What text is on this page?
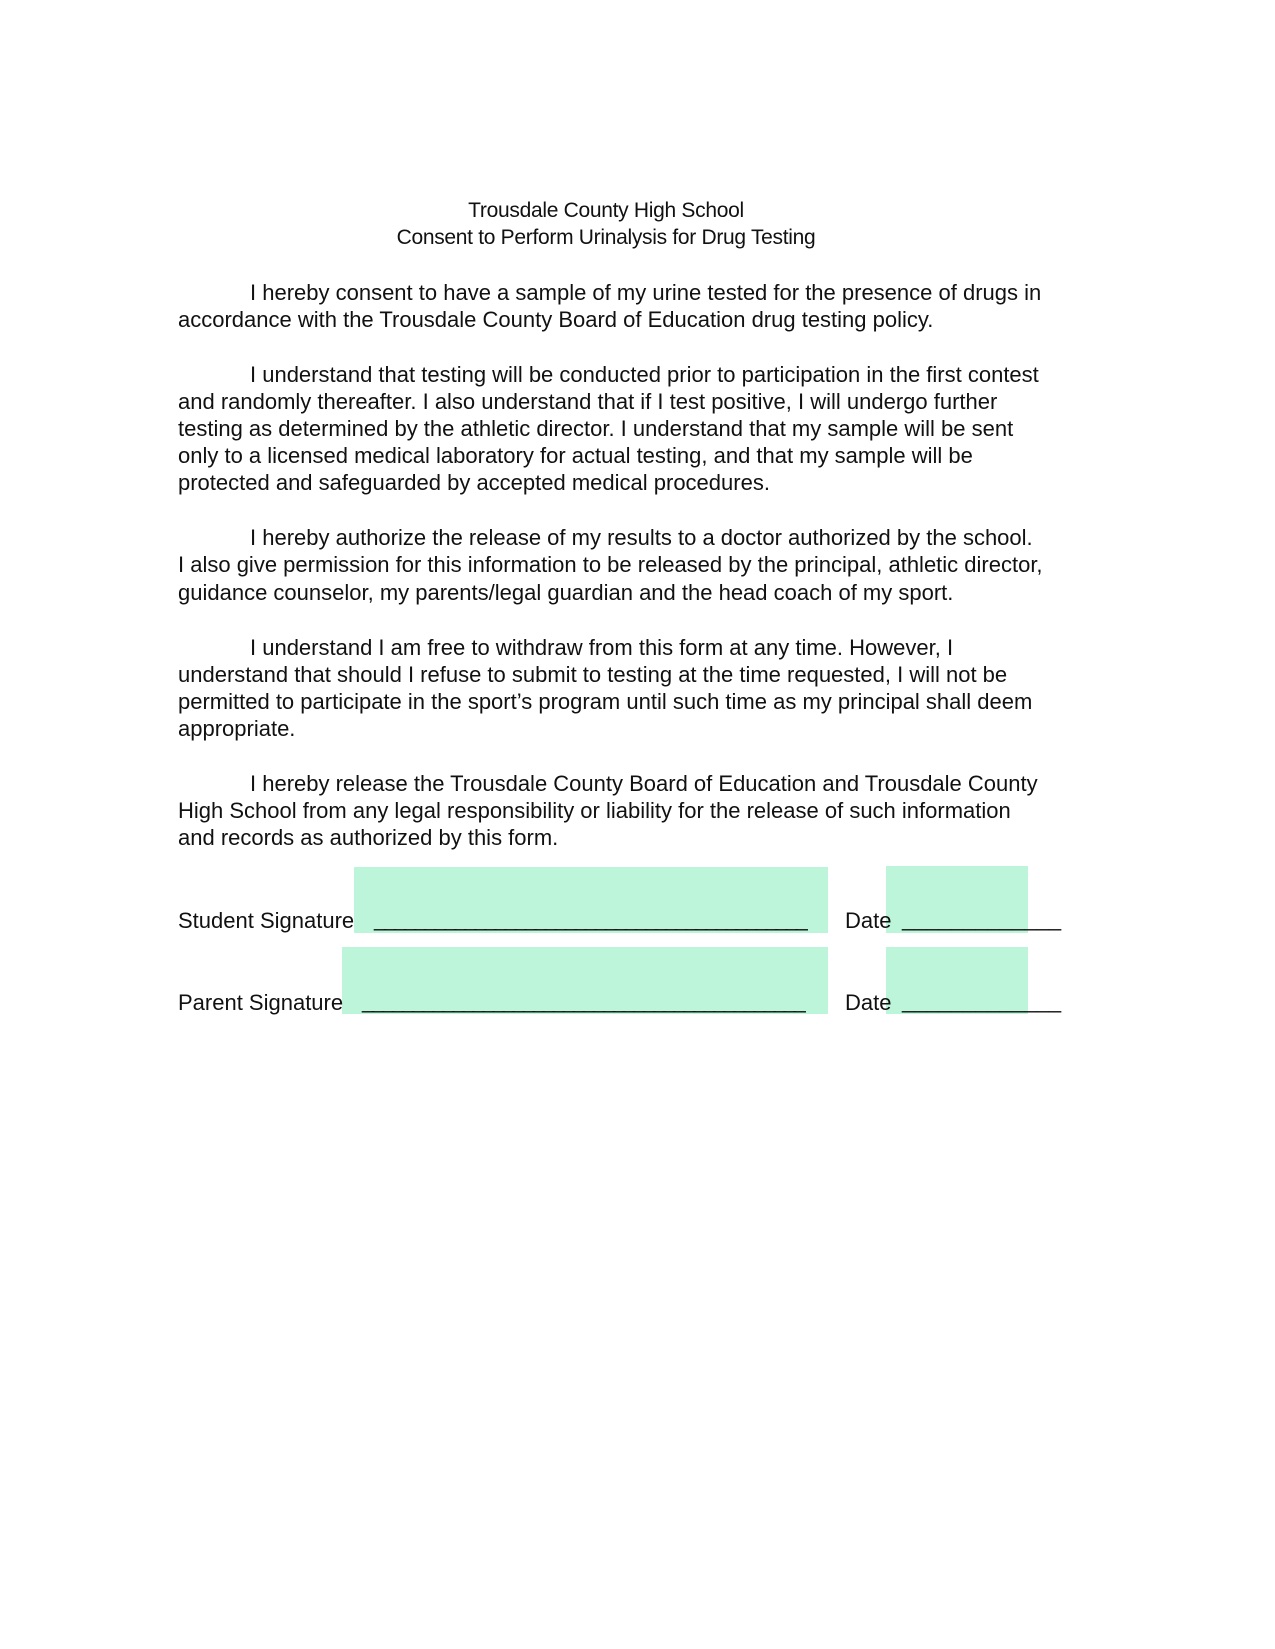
Trousdale County High School
Consent to Perform Urinalysis for Drug Testing
I hereby consent to have a sample of my urine tested for the presence of drugs in
accordance with the Trousdale County Board of Education drug testing policy.
I understand that testing will be conducted prior to participation in the first contest
and randomly thereafter. I also understand that if I test positive, I will undergo further
testing as determined by the athletic director. I understand that my sample will be sent
only to a licensed medical laboratory for actual testing, and that my sample will be
protected and safeguarded by accepted medical procedures.
I hereby authorize the release of my results to a doctor authorized by the school.
I also give permission for this information to be released by the principal, athletic director,
guidance counselor, my parents/legal guardian and the head coach of my sport.
I understand I am free to withdraw from this form at any time. However, I
understand that should I refuse to submit to testing at the time requested, I will not be
permitted to participate in the sport’s program until such time as my principal shall deem
appropriate.
I hereby release the Trousdale County Board of Education and Trousdale County
High School from any legal responsibility or liability for the release of such information
and records as authorized by this form.
Student Signature ___________________________________________ Date _____________
Parent Signature ____________________________________________ Date _____________
